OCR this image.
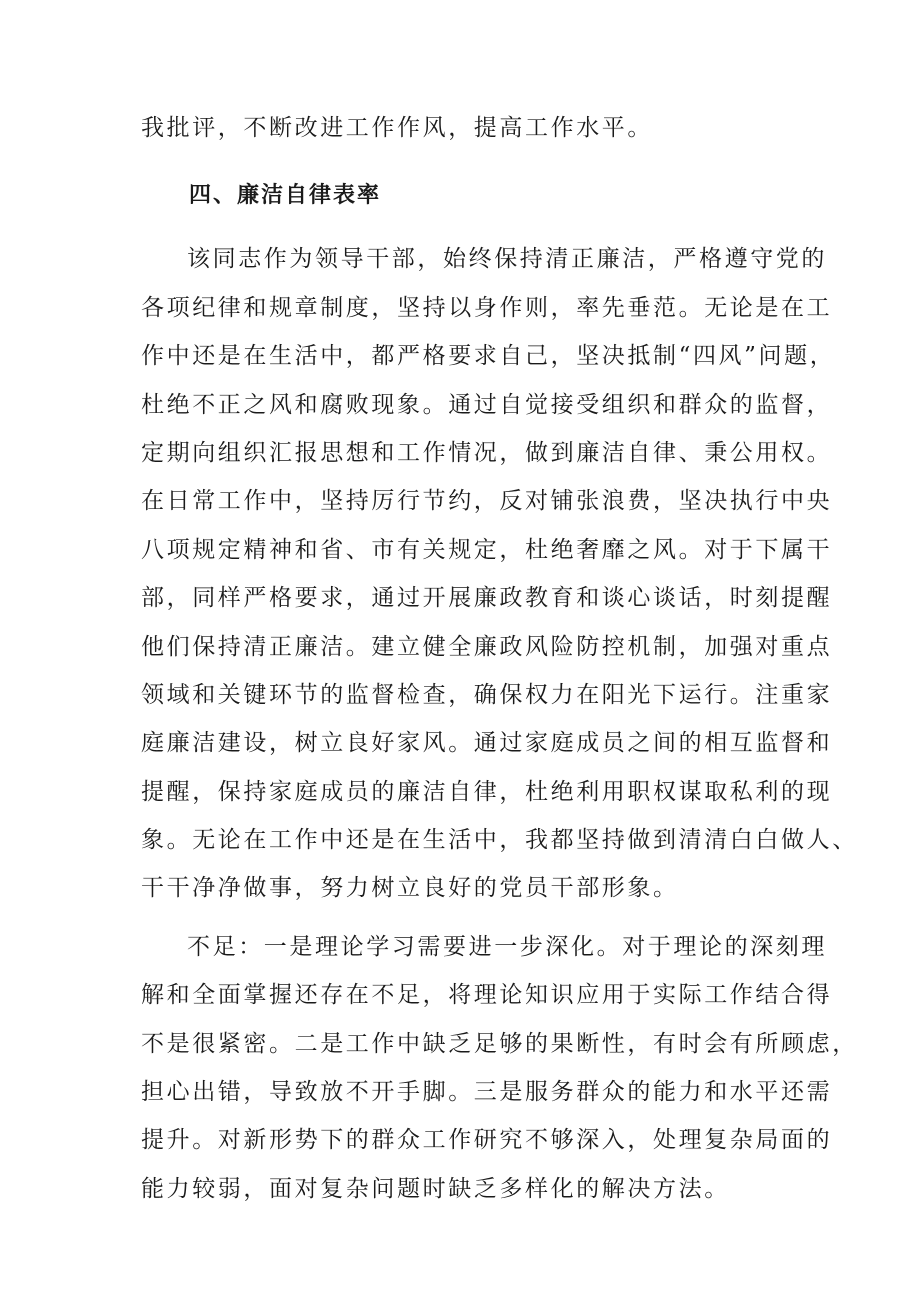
我批评，不断改进工作作风，提高工作水平。
四、廉洁自律表率
该同志作为领导干部，始终保持清正廉洁，严格遵守党的
各项纪律和规章制度，坚持以身作则，率先垂范。无论是在工
作中还是在生活中，都严格要求自己，坚决抵制“四风”问题，
杜绝不正之风和腐败现象。通过自觉接受组织和群众的监督，
定期向组织汇报思想和工作情况，做到廉洁自律、秉公用权。
在日常工作中，坚持厉行节约，反对铺张浪费，坚决执行中央
八项规定精神和省、市有关规定，杜绝奢靡之风。对于下属干
部，同样严格要求，通过开展廉政教育和谈心谈话，时刻提醒
他们保持清正廉洁。建立健全廉政风险防控机制，加强对重点
领域和关键环节的监督检查，确保权力在阳光下运行。注重家
庭廉洁建设，树立良好家风。通过家庭成员之间的相互监督和
提醒，保持家庭成员的廉洁自律，杜绝利用职权谋取私利的现
象。无论在工作中还是在生活中，我都坚持做到清清白白做人、
干干净净做事，努力树立良好的党员干部形象。
不足：一是理论学习需要进一步深化。对于理论的深刻理
解和全面掌握还存在不足，将理论知识应用于实际工作结合得
不是很紧密。二是工作中缺乏足够的果断性，有时会有所顾虑，
担心出错，导致放不开手脚。三是服务群众的能力和水平还需
提升。对新形势下的群众工作研究不够深入，处理复杂局面的
能力较弱，面对复杂问题时缺乏多样化的解决方法。
